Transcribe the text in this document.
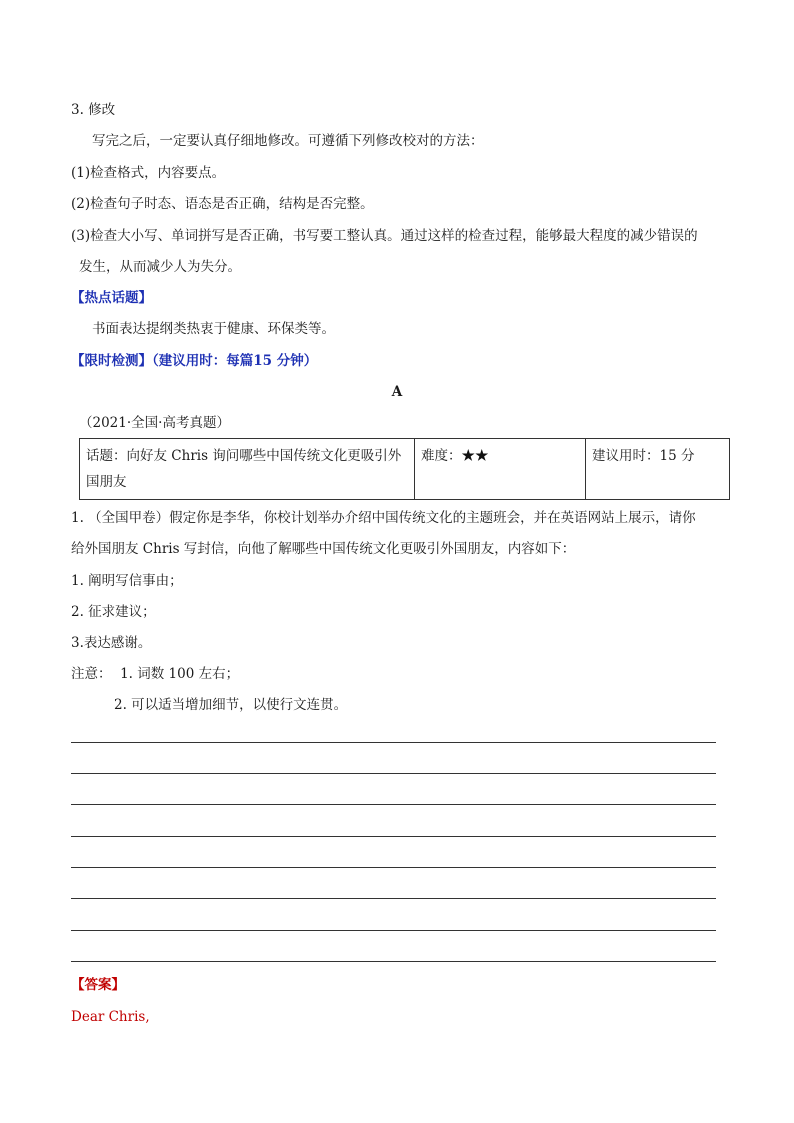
3. 修改
写完之后，一定要认真仔细地修改。可遵循下列修改校对的方法：
(1)检查格式，内容要点。
(2)检查句子时态、语态是否正确，结构是否完整。
(3)检查大小写、单词拼写是否正确，书写要工整认真。通过这样的检查过程，能够最大程度的减少错误的
发生，从而减少人为失分。
【热点话题】
书面表达提纲类热衷于健康、环保类等。
【限时检测】（建议用时：每篇15 分钟）
A
（2021·全国·高考真题）
话题：向好友 Chris 询问哪些中国传统文化更吸引外
国朋友
	难度：★★	建议用时：15 分
1. （全国甲卷）假定你是李华，你校计划举办介绍中国传统文化的主题班会，并在英语网站上展示，请你
给外国朋友 Chris 写封信，向他了解哪些中国传统文化更吸引外国朋友，内容如下：
1. 阐明写信事由；
2. 征求建议；
3.表达感谢。
注意： 1. 词数 100 左右；
2. 可以适当增加细节，以使行文连贯。
【答案】
Dear Chris,
